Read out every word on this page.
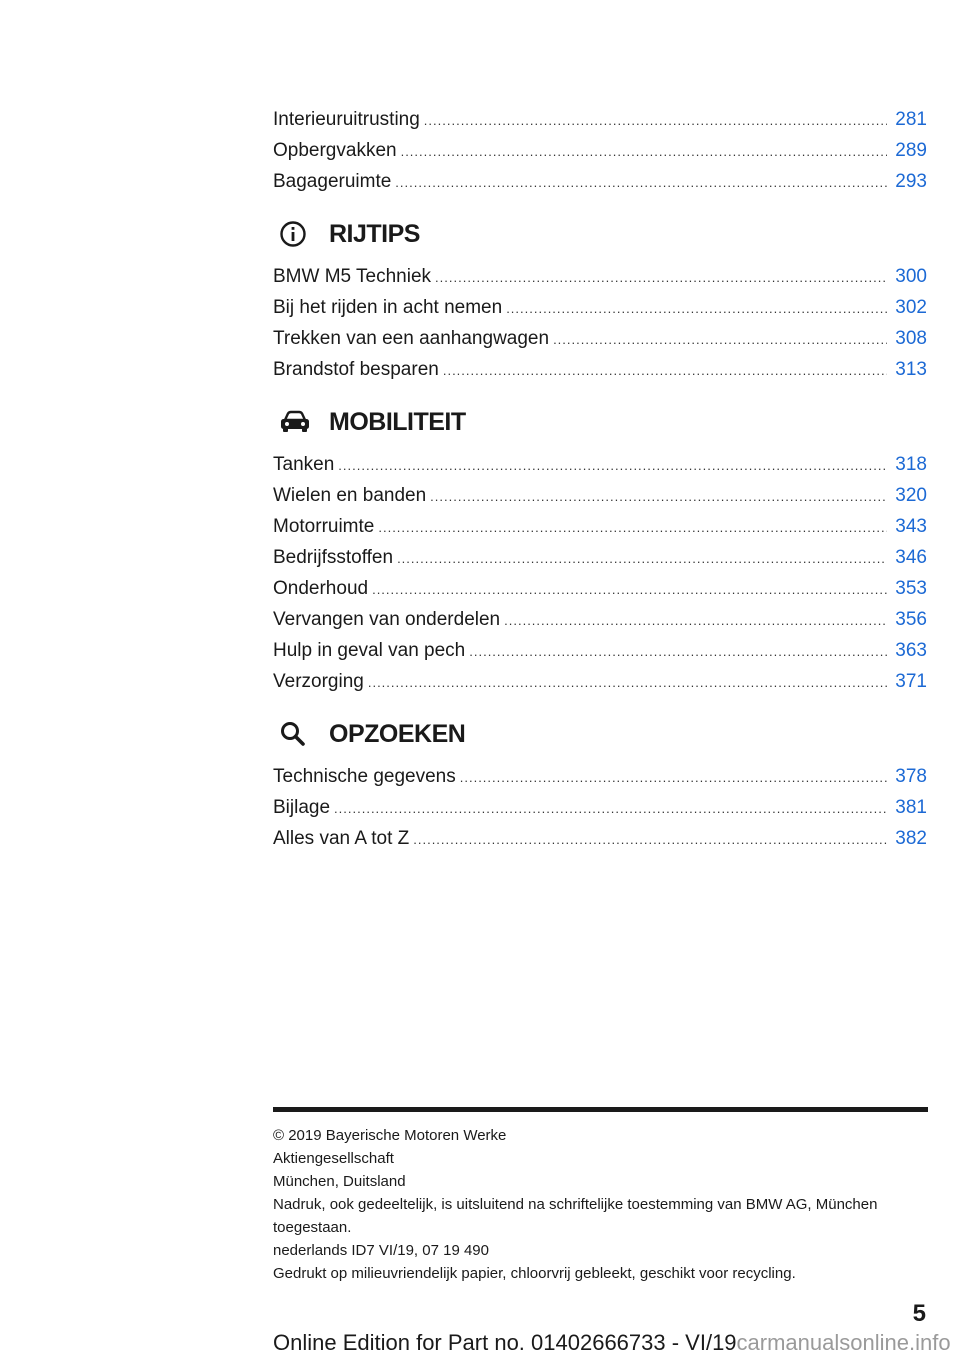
Interieuruitrusting .....	281
Opbergvakken .....	289
Bagageruimte .....	293
RIJTIPS
BMW M5 Techniek .....	300
Bij het rijden in acht nemen .....	302
Trekken van een aanhangwagen .....	308
Brandstof besparen .....	313
MOBILITEIT
Tanken .....	318
Wielen en banden .....	320
Motorruimte .....	343
Bedrijfsstoffen .....	346
Onderhoud .....	353
Vervangen van onderdelen .....	356
Hulp in geval van pech .....	363
Verzorging .....	371
OPZOEKEN
Technische gegevens .....	378
Bijlage .....	381
Alles van A tot Z .....	382
© 2019 Bayerische Motoren Werke
Aktiengesellschaft
München, Duitsland
Nadruk, ook gedeeltelijk, is uitsluitend na schriftelijke toestemming van BMW AG, München toegestaan.
nederlands ID7 VI/19, 07 19 490
Gedrukt op milieuvriendelijk papier, chloorvrij gebleekt, geschikt voor recycling.
5
Online Edition for Part no. 01402666733 - VI/19carmanualsonline.info
